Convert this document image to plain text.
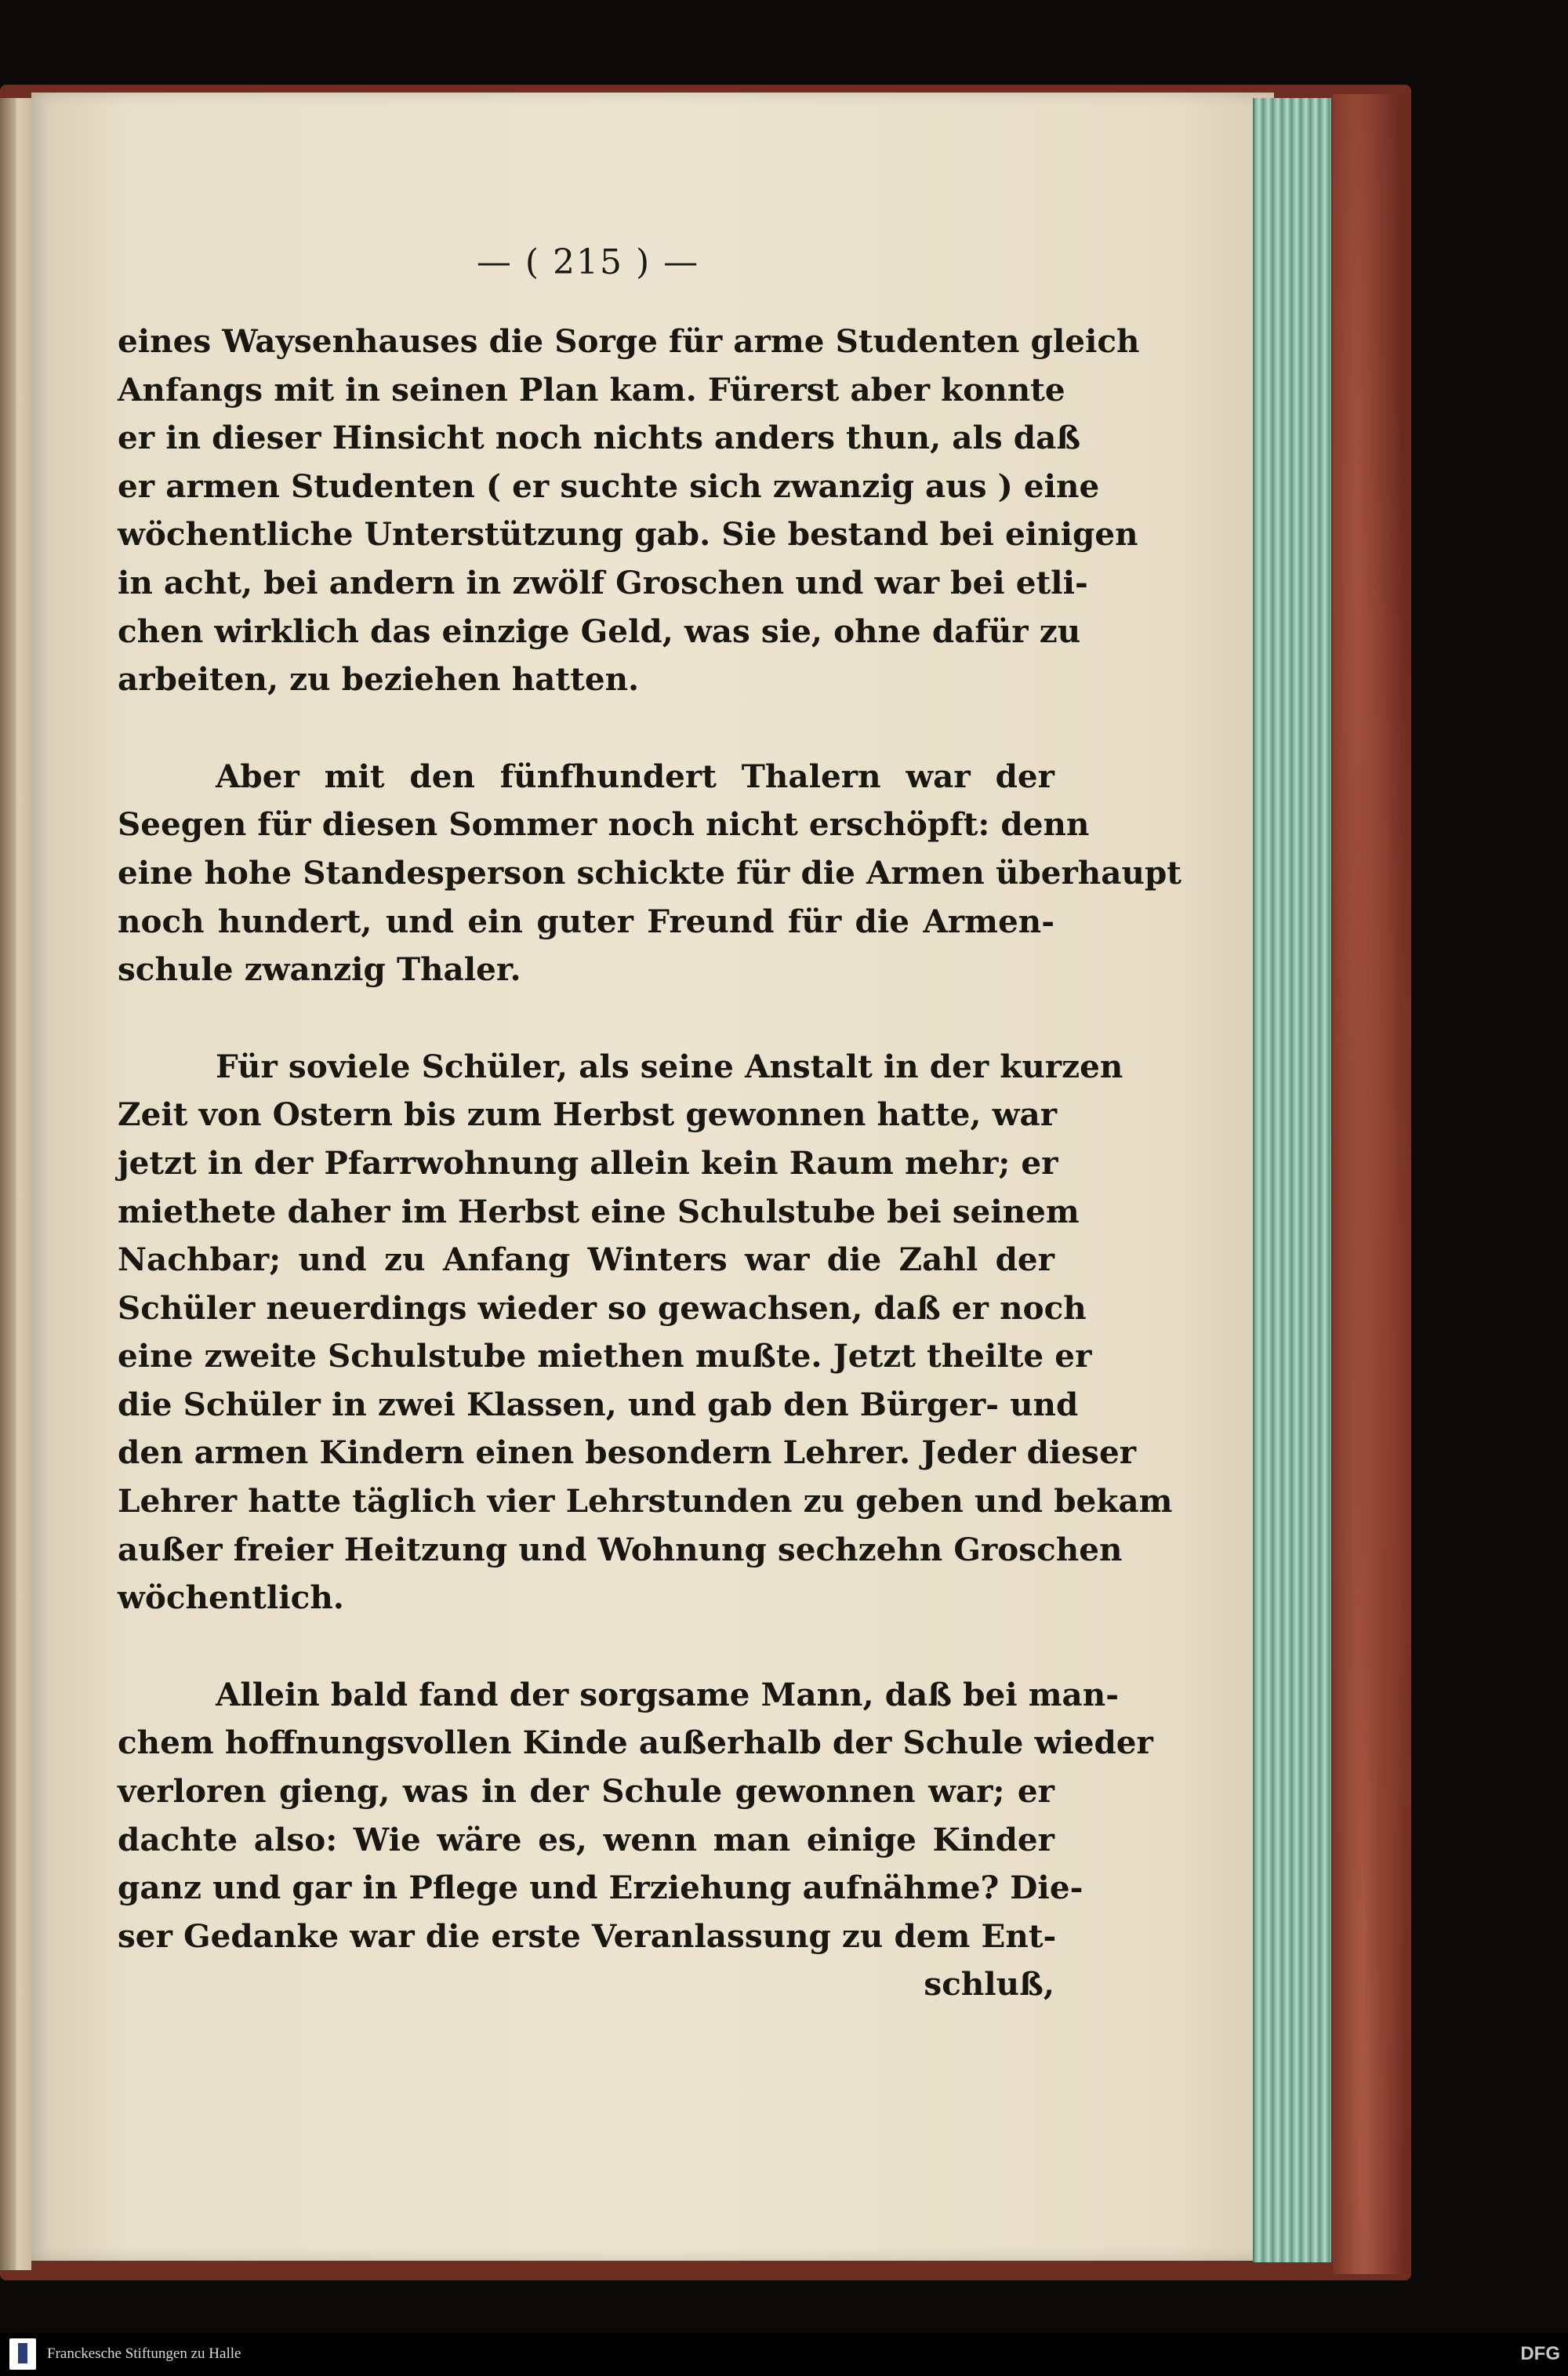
— ( 215 ) —
eines Waysenhauses die Sorge für arme Studenten gleich
Anfangs mit in seinen Plan kam. Fürerst aber konnte
er in dieser Hinsicht noch nichts anders thun, als daß
er armen Studenten ( er suchte sich zwanzig aus ) eine
wöchentliche Unterstützung gab. Sie bestand bei einigen
in acht, bei andern in zwölf Groschen und war bei etli-
chen wirklich das einzige Geld, was sie, ohne dafür zu
arbeiten, zu beziehen hatten.
Aber mit den fünfhundert Thalern war der
Seegen für diesen Sommer noch nicht erschöpft: denn
eine hohe Standesperson schickte für die Armen überhaupt
noch hundert, und ein guter Freund für die Armen-
schule zwanzig Thaler.
Für soviele Schüler, als seine Anstalt in der kurzen
Zeit von Ostern bis zum Herbst gewonnen hatte, war
jetzt in der Pfarrwohnung allein kein Raum mehr; er
miethete daher im Herbst eine Schulstube bei seinem
Nachbar; und zu Anfang Winters war die Zahl der
Schüler neuerdings wieder so gewachsen, daß er noch
eine zweite Schulstube miethen mußte. Jetzt theilte er
die Schüler in zwei Klassen, und gab den Bürger- und
den armen Kindern einen besondern Lehrer. Jeder dieser
Lehrer hatte täglich vier Lehrstunden zu geben und bekam
außer freier Heitzung und Wohnung sechzehn Groschen
wöchentlich.
Allein bald fand der sorgsame Mann, daß bei man-
chem hoffnungsvollen Kinde außerhalb der Schule wieder
verloren gieng, was in der Schule gewonnen war; er
dachte also: Wie wäre es, wenn man einige Kinder
ganz und gar in Pflege und Erziehung aufnähme? Die-
ser Gedanke war die erste Veranlassung zu dem Ent-
schluß,
Franckesche Stiftungen zu Halle	DFG
